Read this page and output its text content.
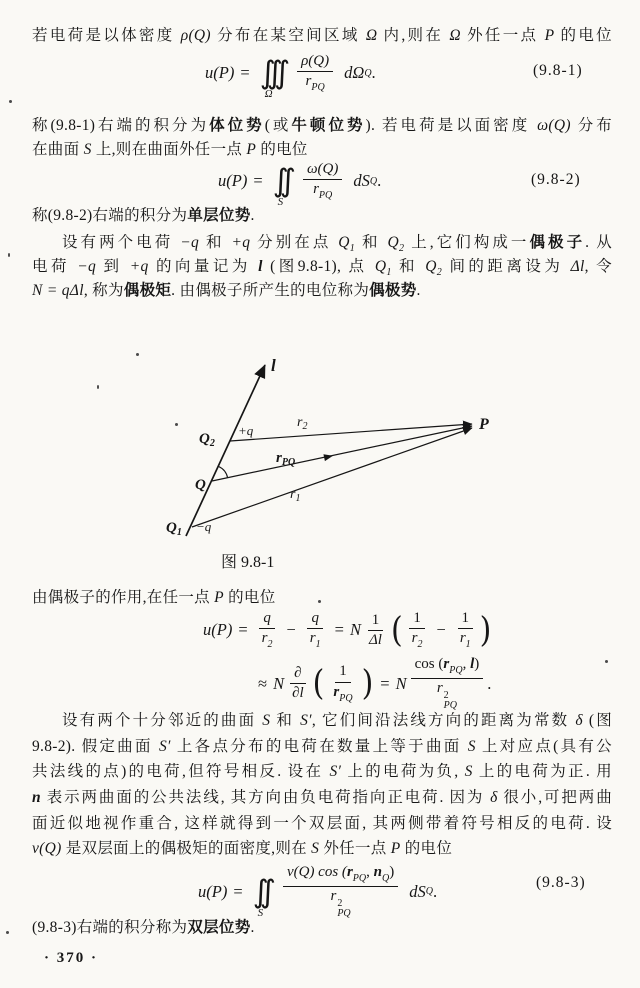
若电荷是以体密度 ρ(Q) 分布在某空间区域 Ω 内,则在 Ω 外任一点 P 的电位
u(P) = ∫∫∫
Ω
$\frac{\rho(Q)}{r_{PQ}}$ dΩ Q .	(9.8-1)
称(9.8-1)右端的积分为体位势(或牛顿位势). 若电荷是以面密度 ω(Q) 分布
在曲面 S 上,则在曲面外任一点 P 的电位
u(P) = ∫∫
S
$\frac{\omega(Q)}{r_{PQ}}$ dS Q .	(9.8-2)
称(9.8-2)右端的积分为单层位势.
设有两个电荷 −q 和 +q 分别在点 $Q_1$ 和 $Q_2$ 上,它们构成一偶极子. 从
电荷 −q 到 +q 的向量记为 l (图9.8-1), 点 $Q_1$ 和 $Q_2$ 间的距离设为 Δl, 令
N = qΔl, 称为偶极矩. 由偶极子所产生的电位称为偶极势.
l
$Q_2$
+q
Q
$Q_1 -q$
P
$r_2$
$r_{PQ}$
$r_1$
图 9.8-1
由偶极子的作用,在任一点 P 的电位
$u(P) = \frac{q}{r_2} - \frac{q}{r_1} = N \frac{1}{\Delta l}$ ( $\frac{1}{r_2} - \frac{1}{r_1}$ )
≈ N $\frac{\partial}{\partial l}$ ( $\frac{1}{r_{PQ}}$ ) = N $\cos (r_{PQ}$, l)
r 2
PQ .
设有两个十分邻近的曲面 S 和 S′, 它们间沿法线方向的距离为常数 δ (图
9.8-2). 假定曲面 S′ 上各点分布的电荷在数量上等于曲面 S 上对应点(具有公
共法线的点)的电荷,但符号相反. 设在 S′ 上的电荷为负, S 上的电荷为正. 用
n 表示两曲面的公共法线, 其方向由负电荷指向正电荷. 因为 δ 很小,可把两曲
面近似地视作重合, 这样就得到一个双层面, 其两侧带着符号相反的电荷. 设
ν(Q) 是双层面上的偶极矩的面密度,则在 S 外任一点 P 的电位
u(P) = ∫∫
S ν(Q) $\cos (r_{PQ}$, $n_Q$)
r 2
PQ dS Q .	(9.8-3)
(9.8-3)右端的积分称为双层位势.
· 370 ·
